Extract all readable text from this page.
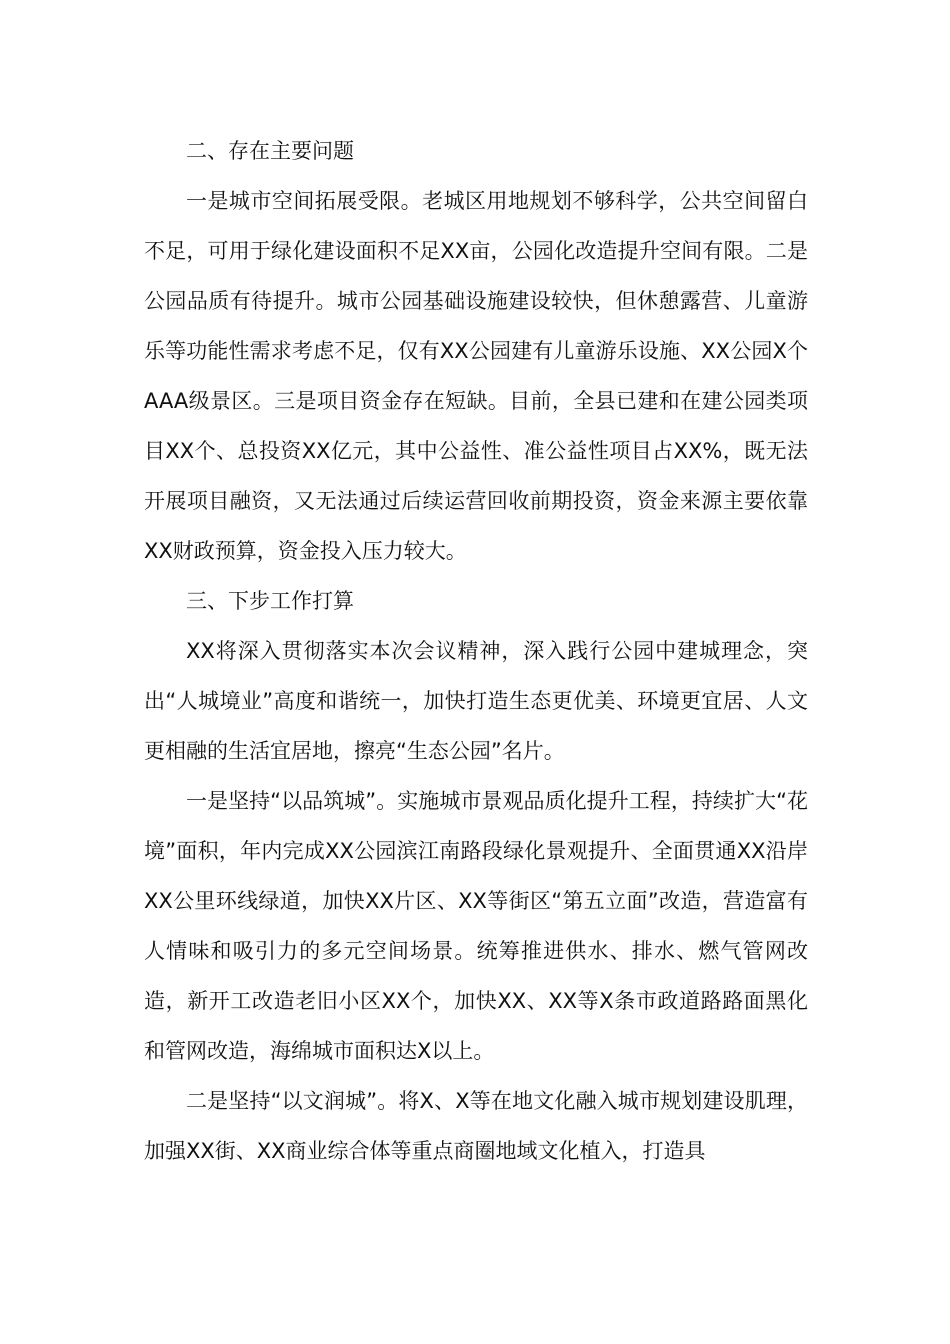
二、存在主要问题

一是城市空间拓展受限。老城区用地规划不够科学，公共空间留白不足，可用于绿化建设面积不足XX亩，公园化改造提升空间有限。二是公园品质有待提升。城市公园基础设施建设较快，但休憩露营、儿童游乐等功能性需求考虑不足，仅有XX公园建有儿童游乐设施、XX公园X个AAA级景区。三是项目资金存在短缺。目前，全县已建和在建公园类项目XX个、总投资XX亿元，其中公益性、准公益性项目占XX%，既无法开展项目融资，又无法通过后续运营回收前期投资，资金来源主要依靠XX财政预算，资金投入压力较大。

三、下步工作打算

XX将深入贯彻落实本次会议精神，深入践行公园中建城理念，突出“人城境业”高度和谐统一，加快打造生态更优美、环境更宜居、人文更相融的生活宜居地，擦亮“生态公园”名片。

一是坚持“以品筑城”。实施城市景观品质化提升工程，持续扩大“花境”面积，年内完成XX公园滨江南路段绿化景观提升、全面贯通XX沿岸XX公里环线绿道，加快XX片区、XX等街区“第五立面”改造，营造富有人情味和吸引力的多元空间场景。统筹推进供水、排水、燃气管网改造，新开工改造老旧小区XX个，加快XX、XX等X条市政道路路面黑化和管网改造，海绵城市面积达X以上。

二是坚持“以文润城”。将X、X等在地文化融入城市规划建设肌理，加强XX街、XX商业综合体等重点商圈地域文化植入，打造具
